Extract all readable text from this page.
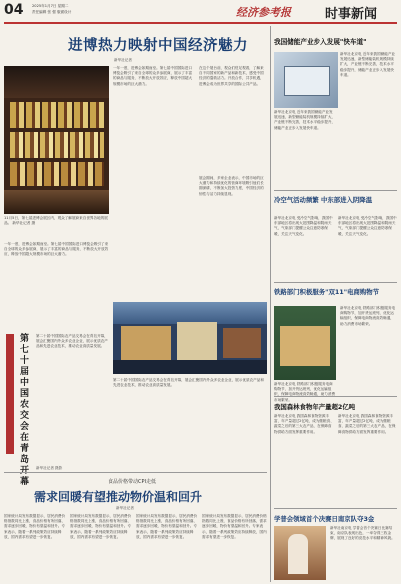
04 2025年1月7日 星期二
责任编辑 张 强 版面设计	经济参考报	时事新闻
进博热力映射中国经济魅力
新华社记者
11月5日，第七届进博会展区内，观众了解展商来自世界各地的展品。 新华社记者 摄
一年一度，进博会如期而至。第七届中国国际进口博览会吸引了来自全球的众多参展商，展示了丰富的商品与服务，不断放大开放效应，释放中国超大规模市场的巨大潜力。
在这个展台前，观众们驻足观看，了解来自不同国家的新产品和新技术，感受中国经济的蓬勃活力。开放合作，共享机遇，进博会成为世界共享的国际公共产品。
展会期间，多家企业表示，中国市场的巨大潜力和持续优化的营商环境吸引他们长期深耕，不断加大投资力度，中国经济的韧性与活力持续显现。
一年一度，进博会如期而至。第七届中国国际进口博览会吸引了来自全球的众多参展商，展示了丰富的商品与服务，不断放大开放效应，释放中国超大规模市场的巨大潜力。
第七十届中国农交会在青岛开幕
第二十届中国国际农产品交易会在青岛开幕，展会汇聚国内外众多农业企业，展示优质农产品和先进农业技术，推动农业高质量发展。
新华社记者 摄影
第二十届中国国际农产品交易会在青岛开幕，展会汇聚国内外众多农业企业，展示优质农产品和先进农业技术，推动农业高质量发展。
食品价格带动CPI走低
需求回暖有望推动物价温和回升
新华社记者
国家统计局发布数据显示，居民消费价格指数同比上涨，食品价格有所回落，需求逐步回暖，物价有望温和回升。专家表示，随着一系列政策效应持续释放，国内需求有望进一步恢复。
国家统计局发布数据显示，居民消费价格指数同比上涨，食品价格有所回落，需求逐步回暖，物价有望温和回升。专家表示，随着一系列政策效应持续释放，国内需求有望进一步恢复。
国家统计局发布数据显示，居民消费价格指数同比上涨，食品价格有所回落，需求逐步回暖，物价有望温和回升。专家表示，随着一系列政策效应持续释放，国内需求有望进一步恢复。
国家统计局发布数据显示，居民消费价格指数同比上涨，食品价格有所回落，需求逐步回暖，物价有望温和回升。专家表示，随着一系列政策效应持续释放，国内需求有望进一步恢复。
我国储能产业步入发展"快车道"
新华社北京电 近年来我国储能产业发展迅速，新型储能装机规模持续扩大，产业链不断完善，技术水平稳步提升，储能产业正步入发展快车道。
新华社北京电 近年来我国储能产业发展迅速，新型储能装机规模持续扩大，产业链不断完善，技术水平稳步提升，储能产业正步入发展快车道。
冷空气活动频繁 中东部进入阴降温
新华社北京电 受冷空气影响，我国中东部地区将出现大范围降温和阴雨天气，气象部门提醒公众注意防寒保暖，关注天气变化。
新华社北京电 受冷空气影响，我国中东部地区将出现大范围降温和阴雨天气，气象部门提醒公众注意防寒保暖，关注天气变化。
铁路部门积极服务"双11"电商购物节
新华社北京电 铁路部门积极服务电商购物节，加开货运班列，优化运输组织，保障电商物流高效畅通，助力消费市场繁荣。
新华社北京电 铁路部门积极服务电商购物节，加开货运班列，优化运输组织，保障电商物流高效畅通，助力消费市场繁荣。
我国森林食物年产量超2亿吨
新华社北京电 我国森林食物资源丰富，年产量超过2亿吨，成为继粮食、蔬菜之后的第三大农产品，在保障食物供给方面发挥重要作用。
新华社北京电 我国森林食物资源丰富，年产量超过2亿吨，成为继粮食、蔬菜之后的第三大农产品，在保障食物供给方面发挥重要作用。
学普会领域首个决赛日南京队夺3金
新华社南京电 学普会首个决赛日比赛结束，南京队表现出色，一举夺得三枚金牌，展现了良好的竞技水平和精神风貌。
